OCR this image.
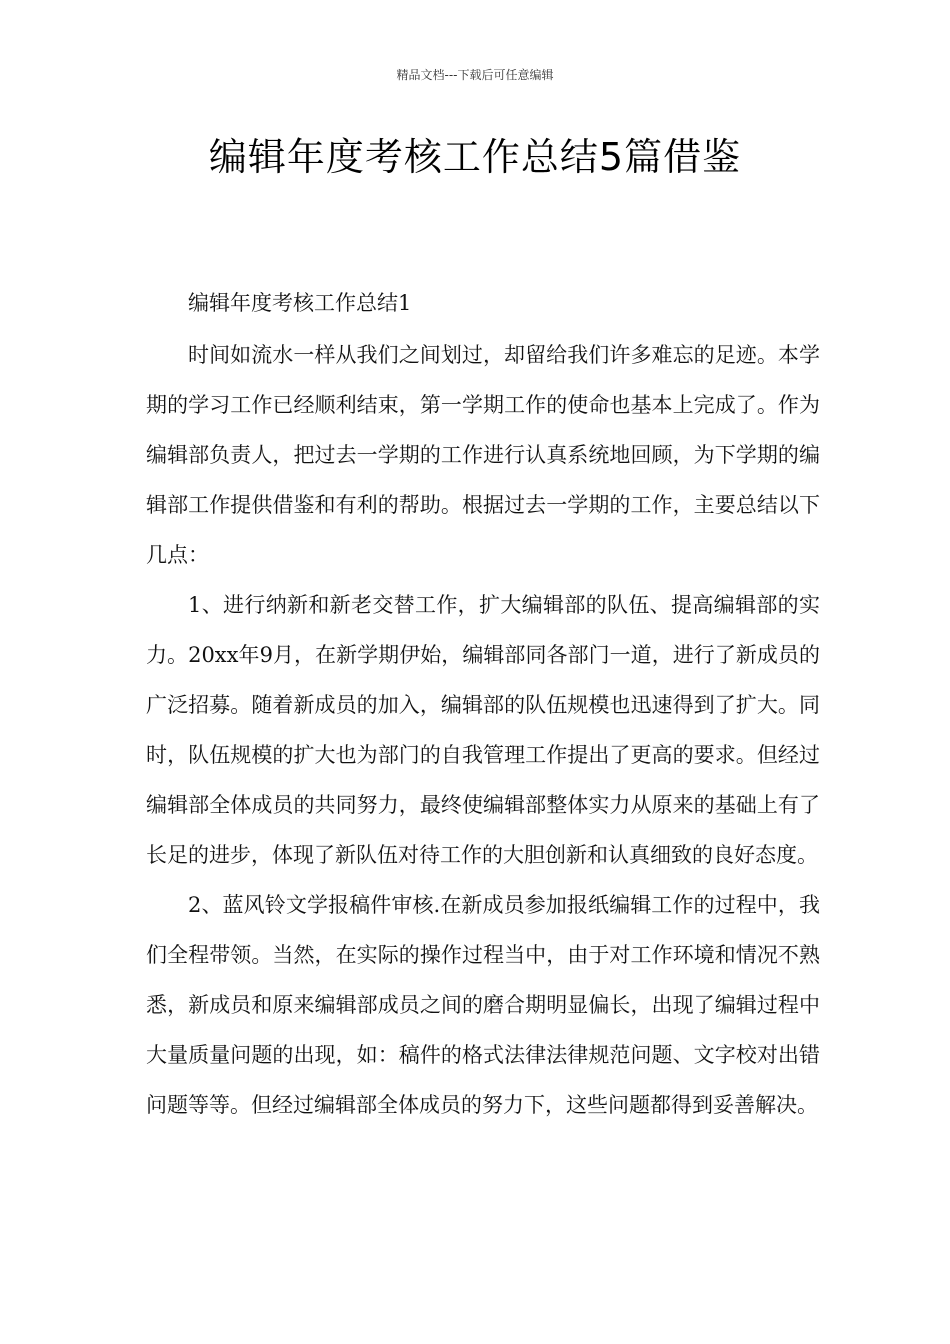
精品文档---下载后可任意编辑
编辑年度考核工作总结5篇借鉴

编辑年度考核工作总结1

时间如流水一样从我们之间划过，却留给我们许多难忘的足迹。本学期的学习工作已经顺利结束，第一学期工作的使命也基本上完成了。作为编辑部负责人，把过去一学期的工作进行认真系统地回顾，为下学期的编辑部工作提供借鉴和有利的帮助。根据过去一学期的工作，主要总结以下几点：

1、进行纳新和新老交替工作，扩大编辑部的队伍、提高编辑部的实力。20xx年9月，在新学期伊始，编辑部同各部门一道，进行了新成员的广泛招募。随着新成员的加入，编辑部的队伍规模也迅速得到了扩大。同时，队伍规模的扩大也为部门的自我管理工作提出了更高的要求。但经过编辑部全体成员的共同努力，最终使编辑部整体实力从原来的基础上有了长足的进步，体现了新队伍对待工作的大胆创新和认真细致的良好态度。

2、蓝风铃文学报稿件审核.在新成员参加报纸编辑工作的过程中，我们全程带领。当然，在实际的操作过程当中，由于对工作环境和情况不熟悉，新成员和原来编辑部成员之间的磨合期明显偏长，出现了编辑过程中大量质量问题的出现，如：稿件的格式法律法律规范问题、文字校对出错问题等等。但经过编辑部全体成员的努力下，这些问题都得到妥善解决。
